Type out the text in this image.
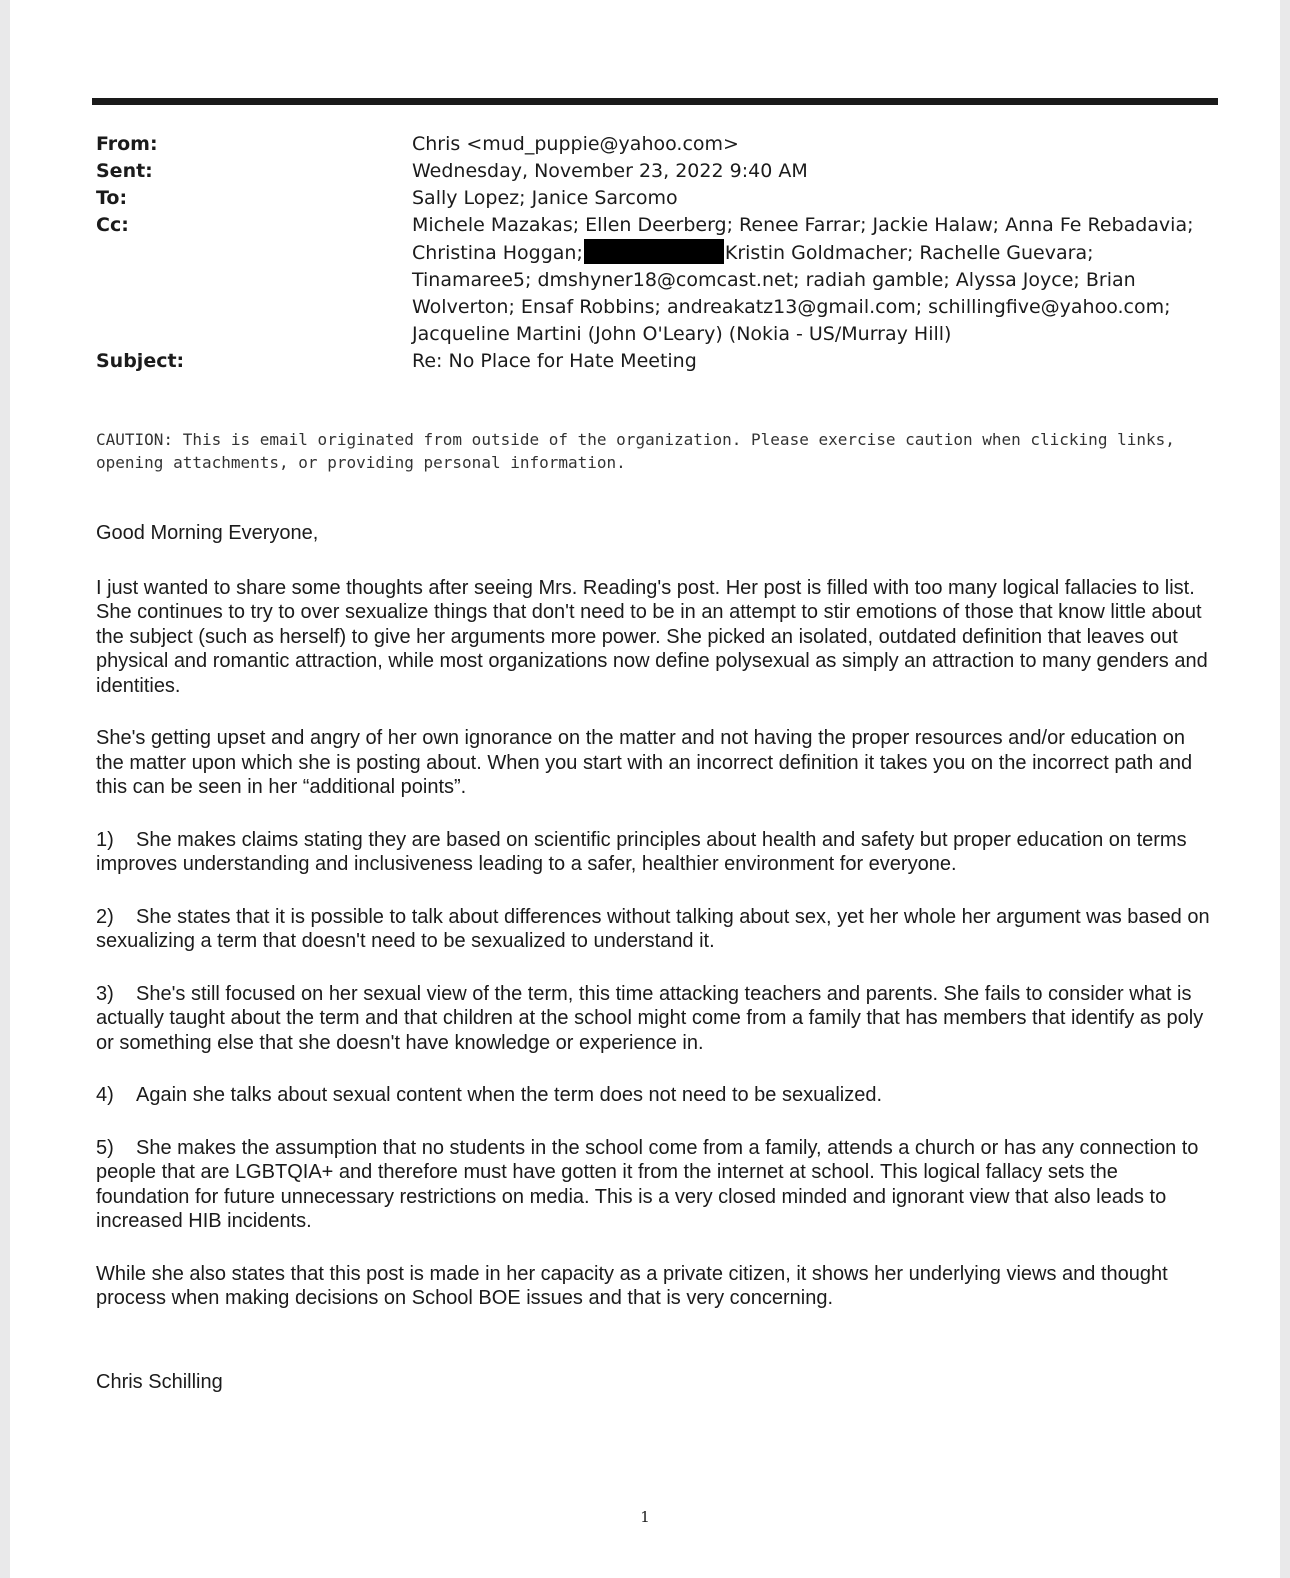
From:	Chris <mud_puppie@yahoo.com>
Sent:	Wednesday, November 23, 2022 9:40 AM
To:	Sally Lopez; Janice Sarcomo
Cc:	Michele Mazakas; Ellen Deerberg; Renee Farrar; Jackie Halaw; Anna Fe Rebadavia; Christina Hoggan;	Kristin Goldmacher; Rachelle Guevara; Tinamaree5; dmshyner18@comcast.net; radiah gamble; Alyssa Joyce; Brian Wolverton; Ensaf Robbins; andreakatz13@gmail.com; schillingfive@yahoo.com; Jacqueline Martini (John O'Leary) (Nokia - US/Murray Hill)
Subject:	Re: No Place for Hate Meeting
CAUTION: This is email originated from outside of the organization. Please exercise caution when clicking links, opening attachments, or providing personal information.

Good Morning Everyone,

I just wanted to share some thoughts after seeing Mrs. Reading's post. Her post is filled with too many logical fallacies to list. She continues to try to over sexualize things that don't need to be in an attempt to stir emotions of those that know little about the subject (such as herself) to give her arguments more power. She picked an isolated, outdated definition that leaves out physical and romantic attraction, while most organizations now define polysexual as simply an attraction to many genders and identities.

She's getting upset and angry of her own ignorance on the matter and not having the proper resources and/or education on the matter upon which she is posting about. When you start with an incorrect definition it takes you on the incorrect path and this can be seen in her “additional points”.

1) She makes claims stating they are based on scientific principles about health and safety but proper education on terms improves understanding and inclusiveness leading to a safer, healthier environment for everyone.

2) She states that it is possible to talk about differences without talking about sex, yet her whole her argument was based on sexualizing a term that doesn't need to be sexualized to understand it.

3) She's still focused on her sexual view of the term, this time attacking teachers and parents. She fails to consider what is actually taught about the term and that children at the school might come from a family that has members that identify as poly or something else that she doesn't have knowledge or experience in.

4) Again she talks about sexual content when the term does not need to be sexualized.

5) She makes the assumption that no students in the school come from a family, attends a church or has any connection to people that are LGBTQIA+ and therefore must have gotten it from the internet at school. This logical fallacy sets the foundation for future unnecessary restrictions on media. This is a very closed minded and ignorant view that also leads to increased HIB incidents.

While she also states that this post is made in her capacity as a private citizen, it shows her underlying views and thought process when making decisions on School BOE issues and that is very concerning.

Chris Schilling
1
